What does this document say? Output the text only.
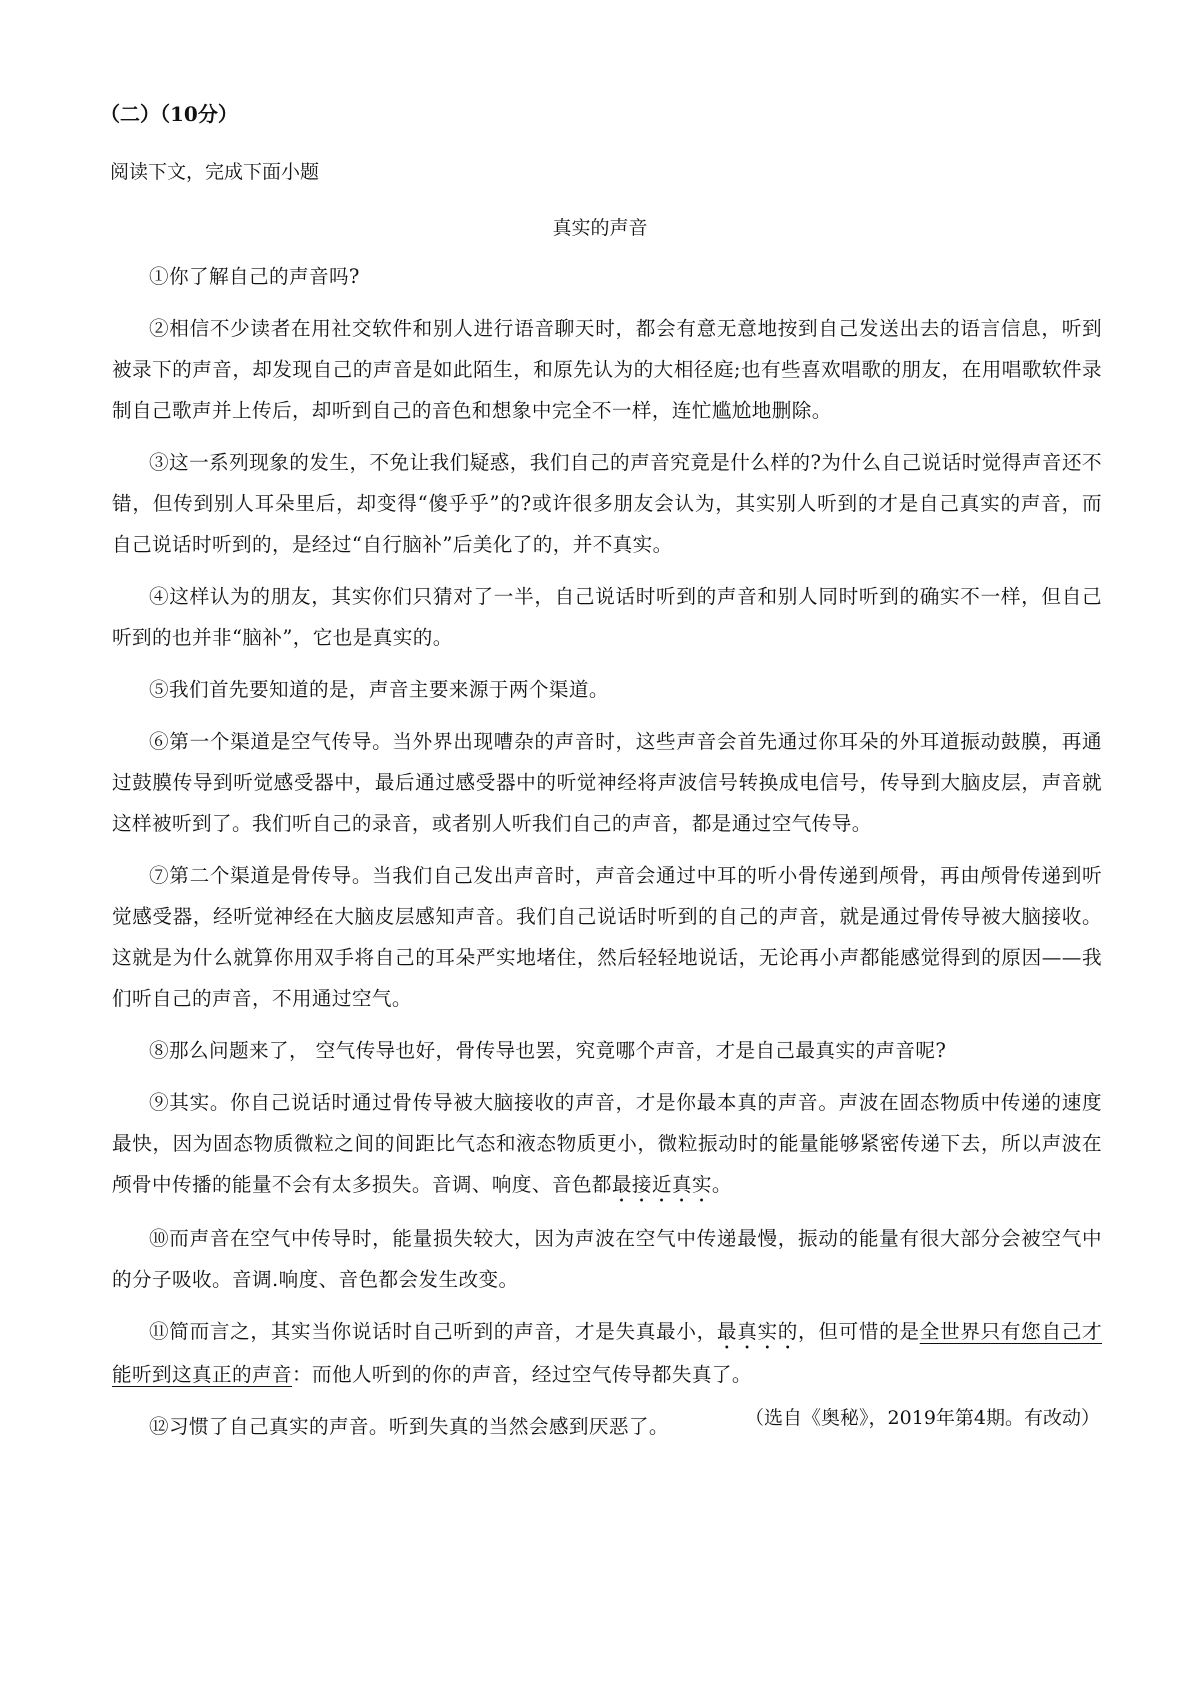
（二）（10分）

阅读下文，完成下面小题

真实的声音

①你了解自己的声音吗?

②相信不少读者在用社交软件和别人进行语音聊天时，都会有意无意地按到自己发送出去的语言信息，听到被录下的声音，却发现自己的声音是如此陌生，和原先认为的大相径庭;也有些喜欢唱歌的朋友，在用唱歌软件录制自己歌声并上传后，却听到自己的音色和想象中完全不一样，连忙尴尬地删除。

③这一系列现象的发生，不免让我们疑惑，我们自己的声音究竟是什么样的?为什么自己说话时觉得声音还不错，但传到别人耳朵里后，却变得“傻乎乎”的?或许很多朋友会认为，其实别人听到的才是自己真实的声音，而自己说话时听到的，是经过“自行脑补”后美化了的，并不真实。

④这样认为的朋友，其实你们只猜对了一半，自己说话时听到的声音和别人同时听到的确实不一样，但自己听到的也并非“脑补”，它也是真实的。

⑤我们首先要知道的是，声音主要来源于两个渠道。

⑥第一个渠道是空气传导。当外界出现嘈杂的声音时，这些声音会首先通过你耳朵的外耳道振动鼓膜，再通过鼓膜传导到听觉感受器中，最后通过感受器中的听觉神经将声波信号转换成电信号，传导到大脑皮层，声音就这样被听到了。我们听自己的录音，或者别人听我们自己的声音，都是通过空气传导。

⑦第二个渠道是骨传导。当我们自己发出声音时，声音会通过中耳的听小骨传递到颅骨，再由颅骨传递到听觉感受器，经听觉神经在大脑皮层感知声音。我们自己说话时听到的自己的声音，就是通过骨传导被大脑接收。这就是为什么就算你用双手将自己的耳朵严实地堵住，然后轻轻地说话，无论再小声都能感觉得到的原因——我们听自己的声音，不用通过空气。

⑧那么问题来了， 空气传导也好，骨传导也罢，究竟哪个声音，才是自己最真实的声音呢?

⑨其实。你自己说话时通过骨传导被大脑接收的声音，才是你最本真的声音。声波在固态物质中传递的速度最快，因为固态物质微粒之间的间距比气态和液态物质更小，微粒振动时的能量能够紧密传递下去，所以声波在颅骨中传播的能量不会有太多损失。音调、响度、音色都最接近真实。

⑩而声音在空气中传导时，能量损失较大，因为声波在空气中传递最慢，振动的能量有很大部分会被空气中的分子吸收。音调.响度、音色都会发生改变。

⑪简而言之，其实当你说话时自己听到的声音，才是失真最小，最真实的，但可惜的是全世界只有您自己才能听到这真正的声音：而他人听到的你的声音，经过空气传导都失真了。

⑫习惯了自己真实的声音。听到失真的当然会感到厌恶了。	（选自《奥秘》，2019年第4期。有改动）
